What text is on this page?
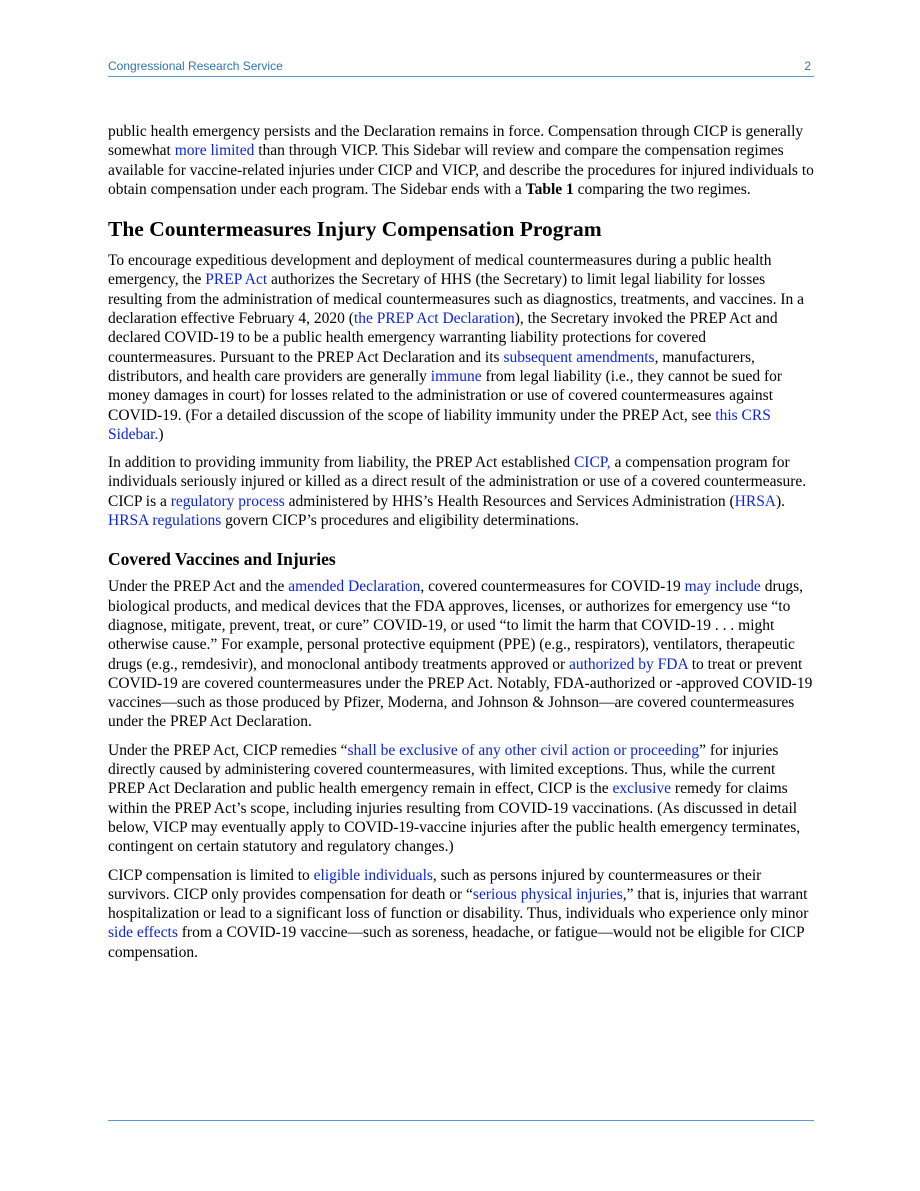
Congressional Research Service	2

public health emergency persists and the Declaration remains in force. Compensation through CICP is generally somewhat more limited than through VICP. This Sidebar will review and compare the compensation regimes available for vaccine-related injuries under CICP and VICP, and describe the procedures for injured individuals to obtain compensation under each program. The Sidebar ends with a Table 1 comparing the two regimes.

The Countermeasures Injury Compensation Program

To encourage expeditious development and deployment of medical countermeasures during a public health emergency, the PREP Act authorizes the Secretary of HHS (the Secretary) to limit legal liability for losses resulting from the administration of medical countermeasures such as diagnostics, treatments, and vaccines. In a declaration effective February 4, 2020 (the PREP Act Declaration), the Secretary invoked the PREP Act and declared COVID-19 to be a public health emergency warranting liability protections for covered countermeasures. Pursuant to the PREP Act Declaration and its subsequent amendments, manufacturers, distributors, and health care providers are generally immune from legal liability (i.e., they cannot be sued for money damages in court) for losses related to the administration or use of covered countermeasures against COVID-19. (For a detailed discussion of the scope of liability immunity under the PREP Act, see this CRS Sidebar.)

In addition to providing immunity from liability, the PREP Act established CICP, a compensation program for individuals seriously injured or killed as a direct result of the administration or use of a covered countermeasure. CICP is a regulatory process administered by HHS’s Health Resources and Services Administration (HRSA). HRSA regulations govern CICP’s procedures and eligibility determinations.

Covered Vaccines and Injuries

Under the PREP Act and the amended Declaration, covered countermeasures for COVID-19 may include drugs, biological products, and medical devices that the FDA approves, licenses, or authorizes for emergency use “to diagnose, mitigate, prevent, treat, or cure” COVID-19, or used “to limit the harm that COVID-19 . . . might otherwise cause.” For example, personal protective equipment (PPE) (e.g., respirators), ventilators, therapeutic drugs (e.g., remdesivir), and monoclonal antibody treatments approved or authorized by FDA to treat or prevent COVID-19 are covered countermeasures under the PREP Act. Notably, FDA-authorized or -approved COVID-19 vaccines—such as those produced by Pfizer, Moderna, and Johnson & Johnson—are covered countermeasures under the PREP Act Declaration.

Under the PREP Act, CICP remedies “shall be exclusive of any other civil action or proceeding” for injuries directly caused by administering covered countermeasures, with limited exceptions. Thus, while the current PREP Act Declaration and public health emergency remain in effect, CICP is the exclusive remedy for claims within the PREP Act’s scope, including injuries resulting from COVID-19 vaccinations. (As discussed in detail below, VICP may eventually apply to COVID-19-vaccine injuries after the public health emergency terminates, contingent on certain statutory and regulatory changes.)

CICP compensation is limited to eligible individuals, such as persons injured by countermeasures or their survivors. CICP only provides compensation for death or “serious physical injuries,” that is, injuries that warrant hospitalization or lead to a significant loss of function or disability. Thus, individuals who experience only minor side effects from a COVID-19 vaccine—such as soreness, headache, or fatigue—would not be eligible for CICP compensation.
